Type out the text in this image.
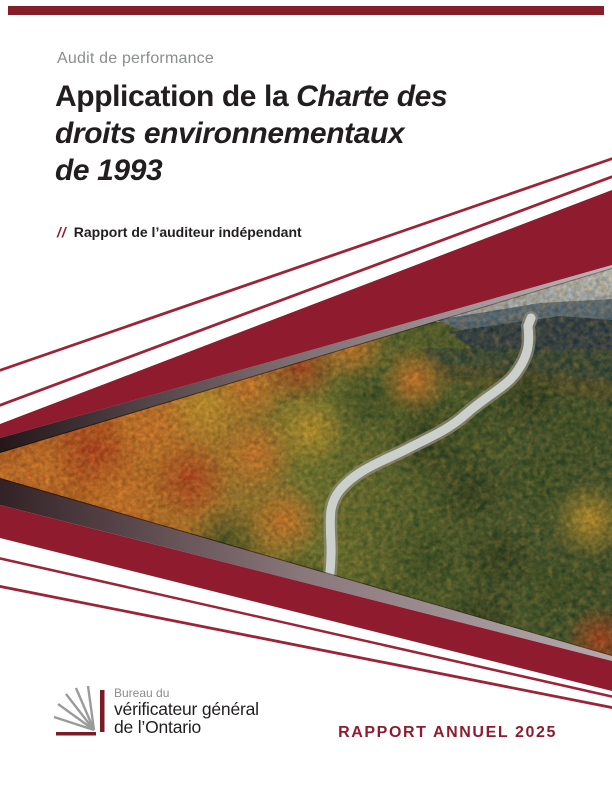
Audit de performance
Application de la Charte des
droits environnementaux
de 1993
// Rapport de l’auditeur indépendant
Bureau du
vérificateur général
de l’Ontario	RAPPORT ANNUEL 2025
